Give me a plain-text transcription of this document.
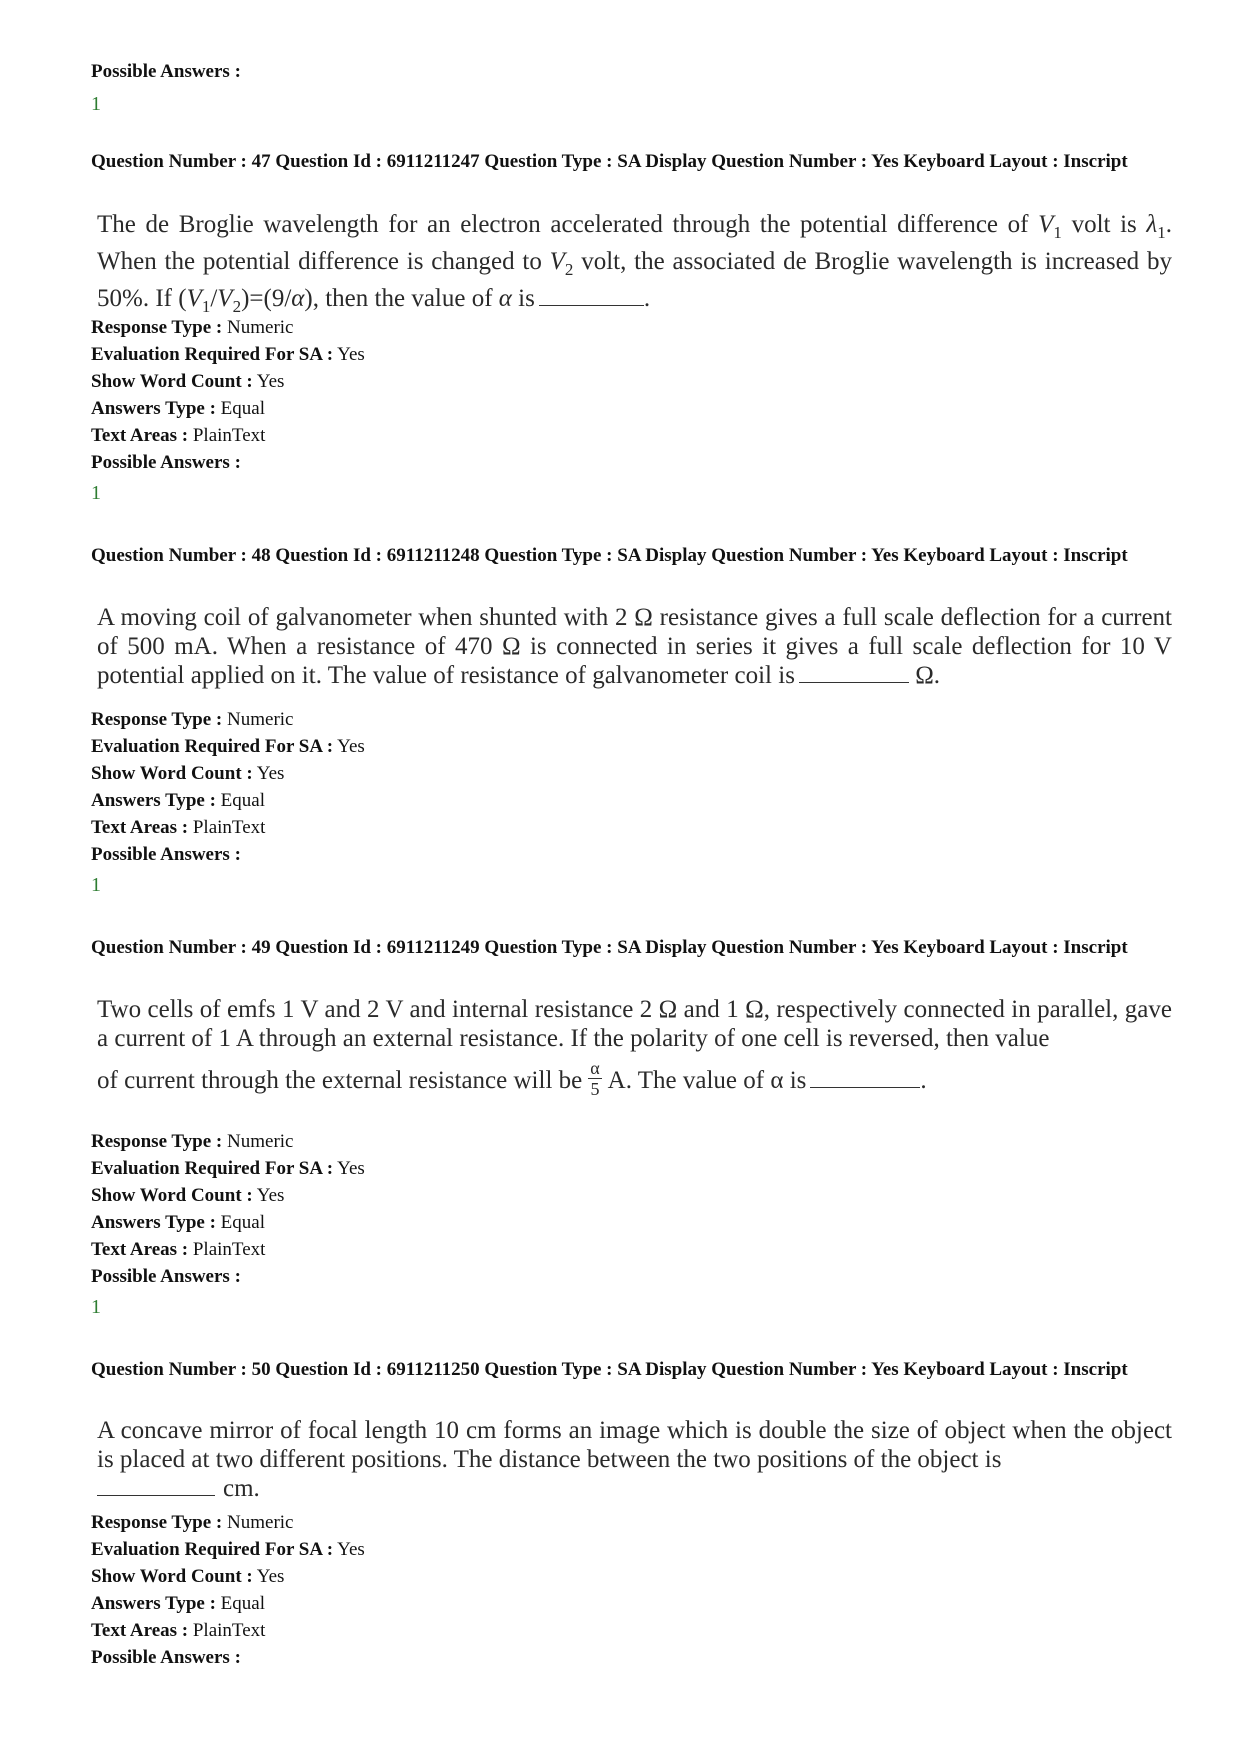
Possible Answers :
1
Question Number : 47 Question Id : 6911211247 Question Type : SA Display Question Number : Yes Keyboard Layout : Inscript
The de Broglie wavelength for an electron accelerated through the potential difference of $V_1$ volt is $\lambda_1$. When the potential difference is changed to $V_2$ volt, the associated de Broglie wavelength is increased by 50%. If $(V_1/V_2)=(9/\alpha)$, then the value of α is	.
Response Type : Numeric
Evaluation Required For SA : Yes
Show Word Count : Yes
Answers Type : Equal
Text Areas : PlainText
Possible Answers :
1
Question Number : 48 Question Id : 6911211248 Question Type : SA Display Question Number : Yes Keyboard Layout : Inscript
A moving coil of galvanometer when shunted with 2 Ω resistance gives a full scale deflection for a current of 500 mA. When a resistance of 470 Ω is connected in series it gives a full scale deflection for 10 V potential applied on it. The value of resistance of galvanometer coil is	Ω.
Response Type : Numeric
Evaluation Required For SA : Yes
Show Word Count : Yes
Answers Type : Equal
Text Areas : PlainText
Possible Answers :
1
Question Number : 49 Question Id : 6911211249 Question Type : SA Display Question Number : Yes Keyboard Layout : Inscript
Two cells of emfs 1 V and 2 V and internal resistance 2 Ω and 1 Ω, respectively connected in parallel, gave a current of 1 A through an external resistance. If the polarity of one cell is reversed, then value
of current through the external resistance will be $\frac{\alpha}{5} A$. The value of α is	.
Response Type : Numeric
Evaluation Required For SA : Yes
Show Word Count : Yes
Answers Type : Equal
Text Areas : PlainText
Possible Answers :
1
Question Number : 50 Question Id : 6911211250 Question Type : SA Display Question Number : Yes Keyboard Layout : Inscript
A concave mirror of focal length 10 cm forms an image which is double the size of object when the object is placed at two different positions. The distance between the two positions of the object is
cm.
Response Type : Numeric
Evaluation Required For SA : Yes
Show Word Count : Yes
Answers Type : Equal
Text Areas : PlainText
Possible Answers :
